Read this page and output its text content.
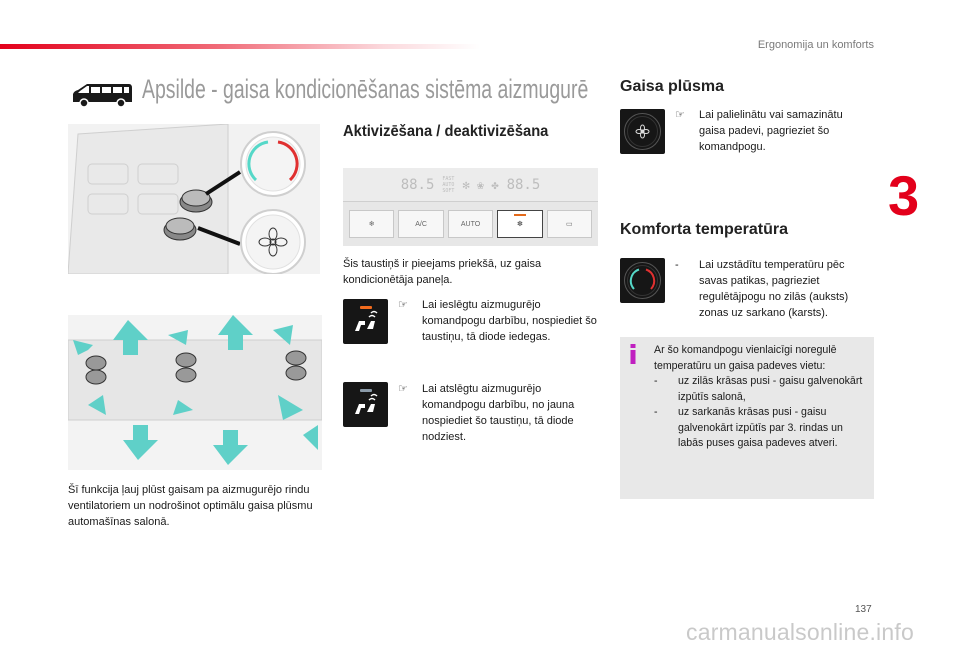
Ergonomija un komforts
3
Apsilde - gaisa kondicionēšanas sistēma aizmugurē
Šī funkcija ļauj plūst gaisam pa aizmugurējo rindu ventilatoriem un nodrošinot optimālu gaisa plūsmu automašīnas salonā.
Aktivizēšana / deaktivizēšana
88.5 FAST
AUTO
SOFT ✻ ❀ ✤ 88.5
❄	A/C	AUTO	✽	▭
Šis taustiņš ir pieejams priekšā, uz gaisa kondicionētāja paneļa.
☞	Lai ieslēgtu aizmugurējo komandpogu darbību, nospiediet šo taustiņu, tā diode iedegas.
☞	Lai atslēgtu aizmugurējo komandpogu darbību, no jauna nospiediet šo taustiņu, tā diode nodziest.
Gaisa plūsma
☞	Lai palielinātu vai samazinātu gaisa padevi, pagrieziet šo komandpogu.
Komforta temperatūra
-	Lai uzstādītu temperatūru pēc savas patikas, pagrieziet regulētājpogu no zilās (auksts) zonas uz sarkano (karsts).
Ar šo komandpogu vienlaicīgi noregulē temperatūru un gaisa padeves vietu:
- uz zilās krāsas pusi - gaisu galvenokārt izpūtīs salonā,
- uz sarkanās krāsas pusi - gaisu galvenokārt izpūtīs par 3. rindas un labās puses gaisa padeves atveri.
137
carmanualsonline.info
